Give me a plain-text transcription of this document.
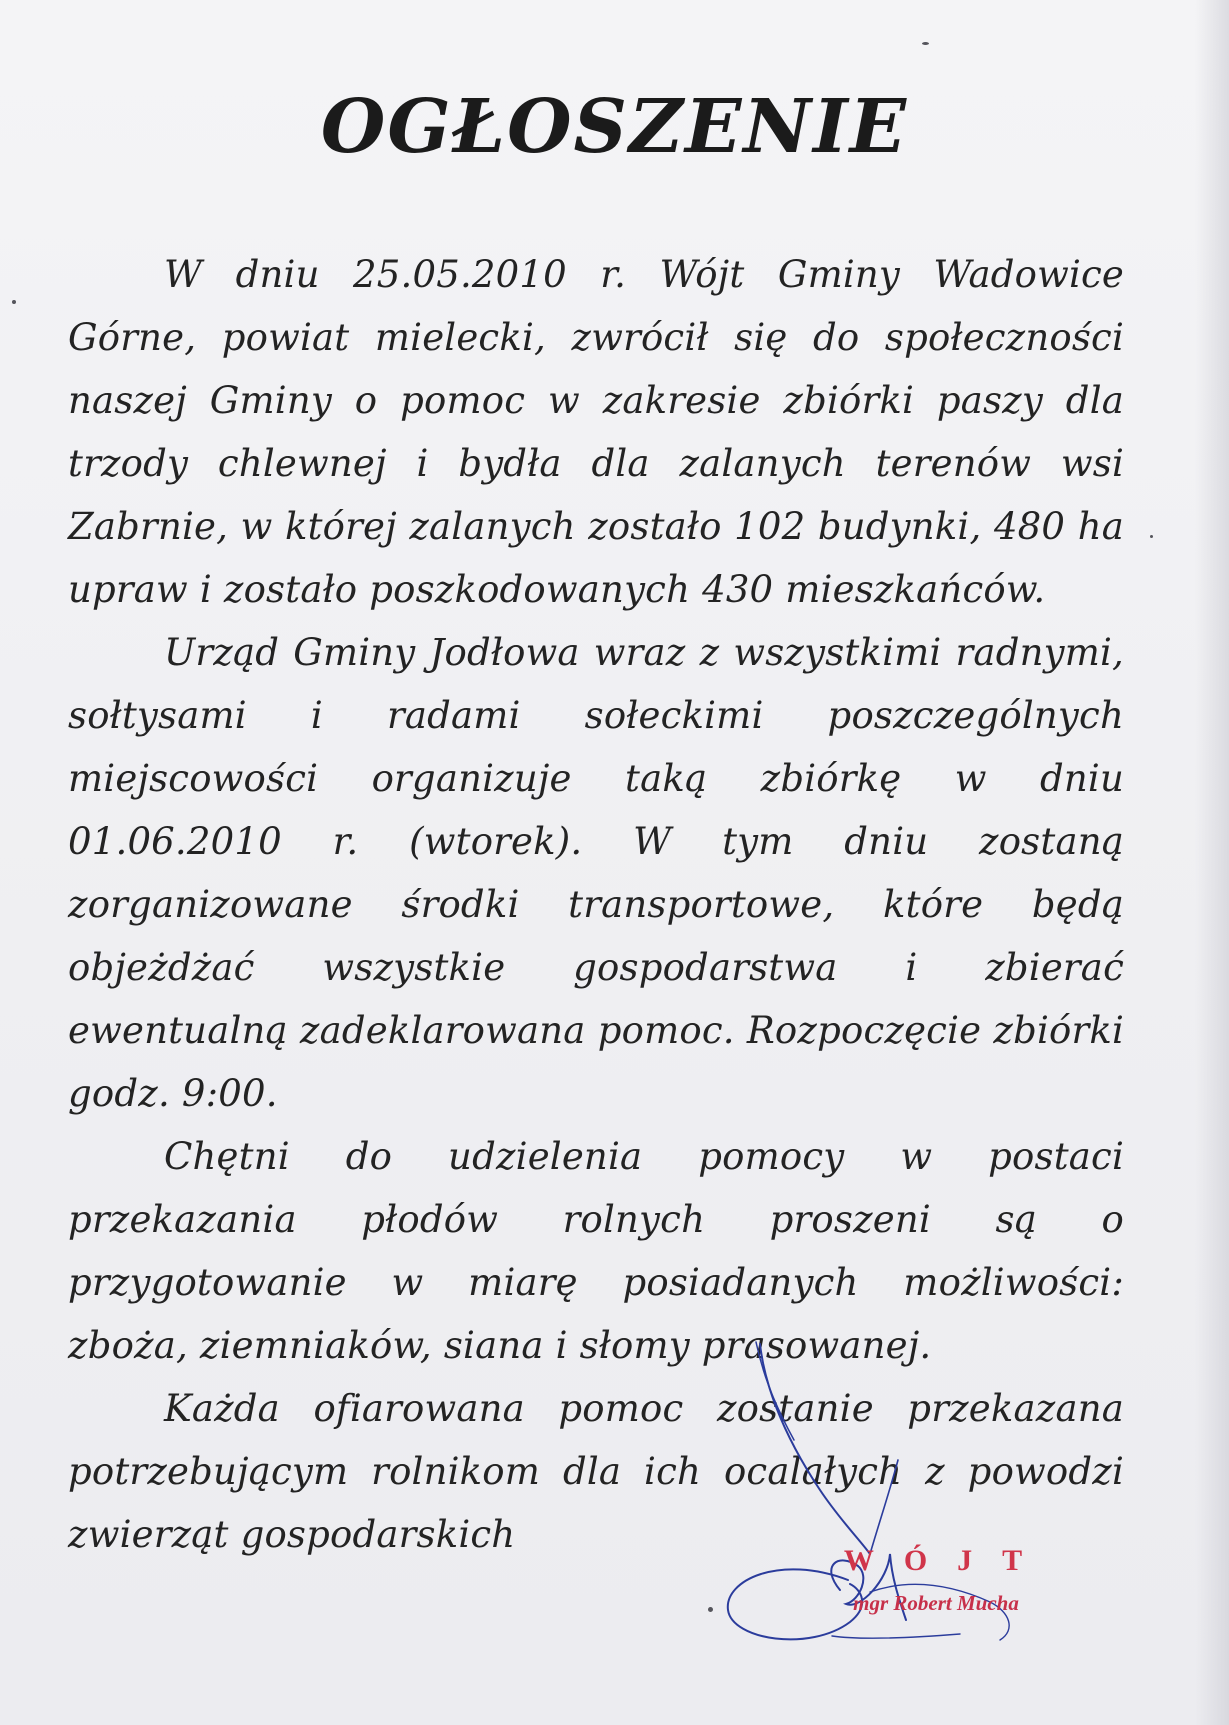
OGŁOSZENIE

W dniu 25.05.2010 r. Wójt Gminy Wadowice Górne, powiat mielecki, zwrócił się do społeczności naszej Gminy o pomoc w zakresie zbiórki paszy dla trzody chlewnej i bydła dla zalanych terenów wsi Zabrnie, w której zalanych zostało 102 budynki, 480 ha upraw i zostało poszkodowanych 430 mieszkańców.

Urząd Gminy Jodłowa wraz z wszystkimi radnymi, sołtysami i radami sołeckimi poszczególnych miejscowości organizuje taką zbiórkę w dniu 01.06.2010 r. (wtorek). W tym dniu zostaną zorganizowane środki transportowe, które będą objeżdżać wszystkie gospodarstwa i zbierać ewentualną zadeklarowana pomoc. Rozpoczęcie zbiórki godz. 9:00.

Chętni do udzielenia pomocy w postaci przekazania płodów rolnych proszeni są o przygotowanie w miarę posiadanych możliwości: zboża, ziemniaków, siana i słomy prasowanej.

Każda ofiarowana pomoc zostanie przekazana potrzebującym rolnikom dla ich ocalałych z powodzi zwierząt gospodarskich

WÓJT
mgr Robert Mucha
